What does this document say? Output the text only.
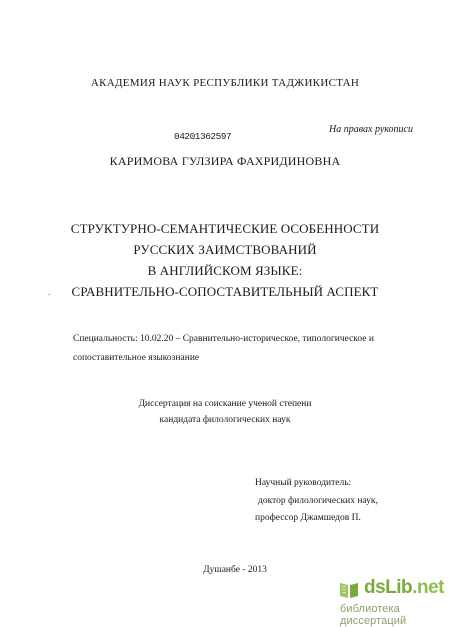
АКАДЕМИЯ НАУК РЕСПУБЛИКИ ТАДЖИКИСТАН
На правах рукописи
04201362597
КАРИМОВА ГУЛЗИРА ФАХРИДИНОВНА
СТРУКТУРНО-СЕМАНТИЧЕСКИЕ ОСОБЕННОСТИ
РУССКИХ ЗАИМСТВОВАНИЙ
В АНГЛИЙСКОМ ЯЗЫКЕ:
СРАВНИТЕЛЬНО-СОПОСТАВИТЕЛЬНЫЙ АСПЕКТ
-
Специальность: 10.02.20 – Сравнительно-историческое, типологическое и
сопоставительное языкознание
Диссертация на соискание ученой степени
кандидата филологических наук
Научный руководитель:
доктор филологических наук,
профессор Джамшедов П.
Душанбе - 2013
dsLib.net
библиотека диссертаций
